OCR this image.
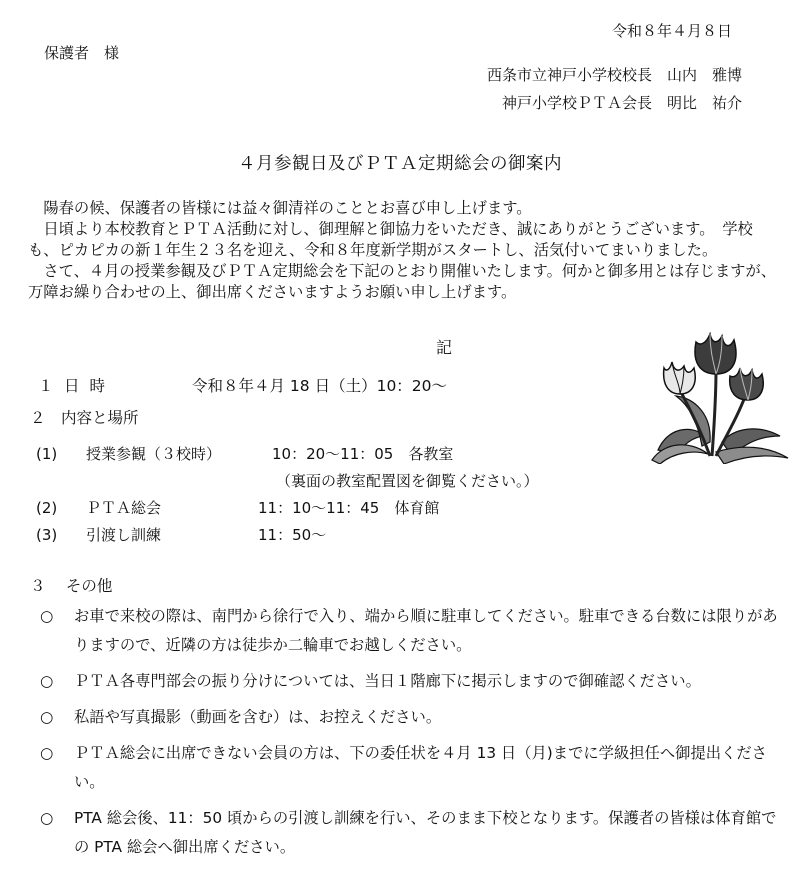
令和８年４月８日
保護者　様
西条市立神戸小学校校長　山内　雅博
神戸小学校ＰＴＡ会長　明比　祐介
４月参観日及びＰＴＡ定期総会の御案内

　陽春の候、保護者の皆様には益々御清祥のこととお喜び申し上げます。

　日頃より本校教育とＰＴＡ活動に対し、御理解と御協力をいただき、誠にありがとうございます。　学校も、ピカピカの新１年生２３名を迎え、令和８年度新学期がスタートし、活気付いてまいりました。

　さて、４月の授業参観及びＰＴＡ定期総会を下記のとおり開催いたします。何かと御多用とは存じますが、万障お繰り合わせの上、御出席くださいますようお願い申し上げます。

記
１ 日時	令和８年４月 18 日（土）10：20～
２　内容と場所
(1) 授業参観（３校時）	10：20～11：05　各教室
（裏面の教室配置図を御覧ください。）
(2) ＰＴＡ総会	11：10～11：45　体育館
(3) 引渡し訓練	11：50～
３　 その他
○ お車で来校の際は、南門から徐行で入り、端から順に駐車してください。駐車できる台数には限りがありますので、近隣の方は徒歩か二輪車でお越しください。
○ ＰＴＡ各専門部会の振り分けについては、当日１階廊下に掲示しますので御確認ください。
○ 私語や写真撮影（動画を含む）は、お控えください。
○ ＰＴＡ総会に出席できない会員の方は、下の委任状を４月 13 日（月)までに学級担任へ御提出ください。
○ PTA 総会後、11：50 頃からの引渡し訓練を行い、そのまま下校となります。保護者の皆様は体育館での PTA 総会へ御出席ください。
